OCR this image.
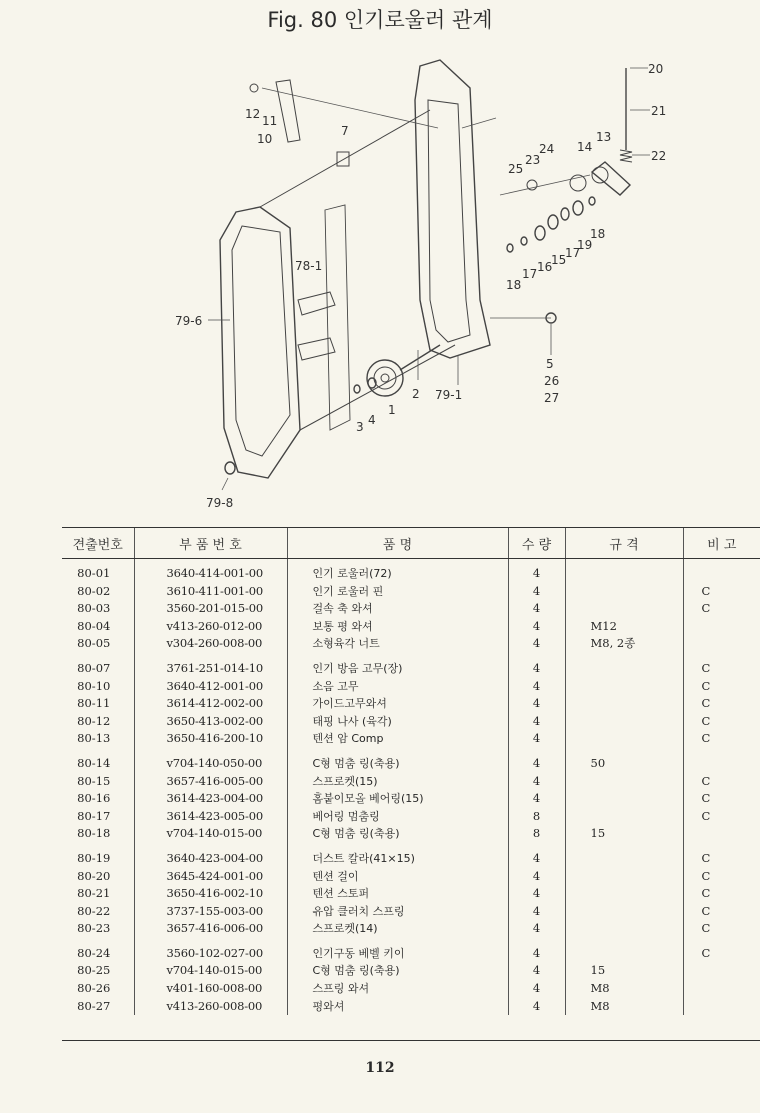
Fig. 80 인기로울러 관계
20
21
22
13
14
24
23
25
12 11
10
7
78-1
79-6
16
15
17
19
18
18
17
5
26
27
2 79-1
1
4
3
79-8
견출번호	부 품 번 호	품 명	수 량	규 격	비 고
80-01	3640-414-001-00	인기 로울러(72)	4		
80-02	3610-411-001-00	인기 로울러 핀	4		C
80-03	3560-201-015-00	걸속 축 와셔	4		C
80-04	v413-260-012-00	보통 평 와셔	4	M12	
80-05	v304-260-008-00	소형육각 너트	4	M8, 2종	
80-07	3761-251-014-10	인기 방음 고무(장)	4		C
80-10	3640-412-001-00	소음 고무	4		C
80-11	3614-412-002-00	가이드고무와셔	4		C
80-12	3650-413-002-00	태핑 나사 (육각)	4		C
80-13	3650-416-200-10	텐션 암 Comp	4		C
80-14	v704-140-050-00	C형 멈춤 링(축용)	4	50	
80-15	3657-416-005-00	스프로켓(15)	4		C
80-16	3614-423-004-00	홈붙이모올 베어링(15)	4		C
80-17	3614-423-005-00	베어링 멈춤링	8		C
80-18	v704-140-015-00	C형 멈춤 링(축용)	8	15	
80-19	3640-423-004-00	더스트 칼라(41×15)	4		C
80-20	3645-424-001-00	텐션 걸이	4		C
80-21	3650-416-002-10	텐션 스토퍼	4		C
80-22	3737-155-003-00	유압 클러치 스프링	4		C
80-23	3657-416-006-00	스프로켓(14)	4		C
80-24	3560-102-027-00	인기구동 베벨 키이	4		C
80-25	v704-140-015-00	C형 멈춤 링(축용)	4	15	
80-26	v401-160-008-00	스프링 와셔	4	M8	
80-27	v413-260-008-00	평와셔	4	M8	
112
